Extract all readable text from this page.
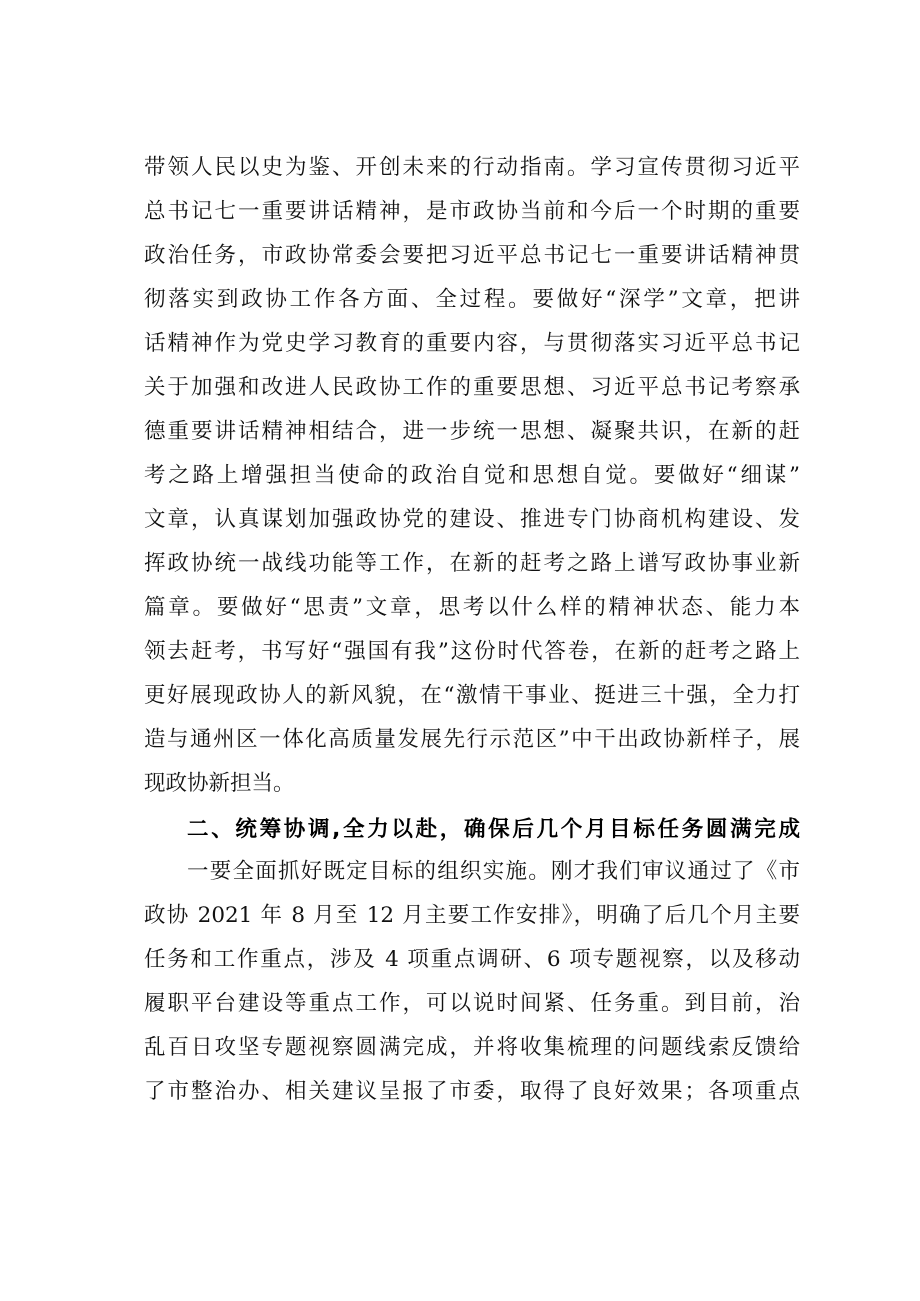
带领人民以史为鉴、开创未来的行动指南。学习宣传贯彻习近平
总书记七一重要讲话精神，是市政协当前和今后一个时期的重要
政治任务，市政协常委会要把习近平总书记七一重要讲话精神贯
彻落实到政协工作各方面、全过程。要做好“深学”文章，把讲
话精神作为党史学习教育的重要内容，与贯彻落实习近平总书记
关于加强和改进人民政协工作的重要思想、习近平总书记考察承
德重要讲话精神相结合，进一步统一思想、凝聚共识，在新的赶
考之路上增强担当使命的政治自觉和思想自觉。要做好“细谋”
文章，认真谋划加强政协党的建设、推进专门协商机构建设、发
挥政协统一战线功能等工作，在新的赶考之路上谱写政协事业新
篇章。要做好“思责”文章，思考以什么样的精神状态、能力本
领去赶考，书写好“强国有我”这份时代答卷，在新的赶考之路上
更好展现政协人的新风貌，在“激情干事业、挺进三十强，全力打
造与通州区一体化高质量发展先行示范区”中干出政协新样子，展
现政协新担当。
二、统筹协调,全力以赴，确保后几个月目标任务圆满完成
一要全面抓好既定目标的组织实施。刚才我们审议通过了《市
政协 2021 年 8 月至 12 月主要工作安排》，明确了后几个月主要
任务和工作重点，涉及 4 项重点调研、6 项专题视察，以及移动
履职平台建设等重点工作，可以说时间紧、任务重。到目前，治
乱百日攻坚专题视察圆满完成，并将收集梳理的问题线索反馈给
了市整治办、相关建议呈报了市委，取得了良好效果；各项重点
